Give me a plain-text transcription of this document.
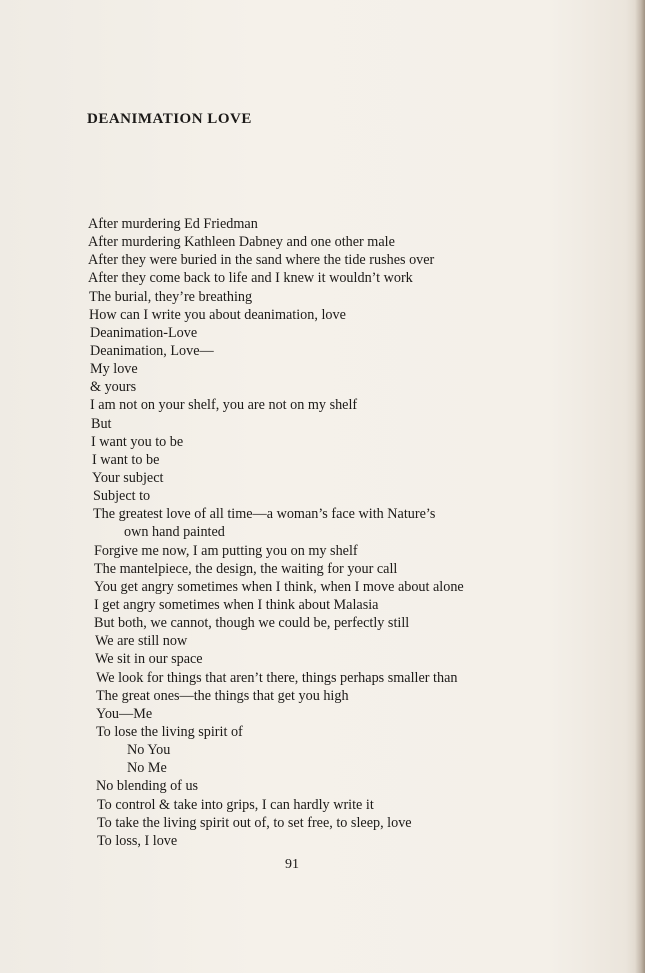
DEANIMATION LOVE
After murdering Ed Friedman
After murdering Kathleen Dabney and one other male
After they were buried in the sand where the tide rushes over
After they come back to life and I knew it wouldn’t work
The burial, they’re breathing
How can I write you about deanimation, love
Deanimation-Love
Deanimation, Love—
My love
& yours
I am not on your shelf, you are not on my shelf
But
I want you to be
I want to be
Your subject
Subject to
The greatest love of all time—a woman’s face with Nature’s
own hand painted
Forgive me now, I am putting you on my shelf
The mantelpiece, the design, the waiting for your call
You get angry sometimes when I think, when I move about alone
I get angry sometimes when I think about Malasia
But both, we cannot, though we could be, perfectly still
We are still now
We sit in our space
We look for things that aren’t there, things perhaps smaller than
The great ones—the things that get you high
You—Me
To lose the living spirit of
No You
No Me
No blending of us
To control & take into grips, I can hardly write it
To take the living spirit out of, to set free, to sleep, love
To loss, I love
91
